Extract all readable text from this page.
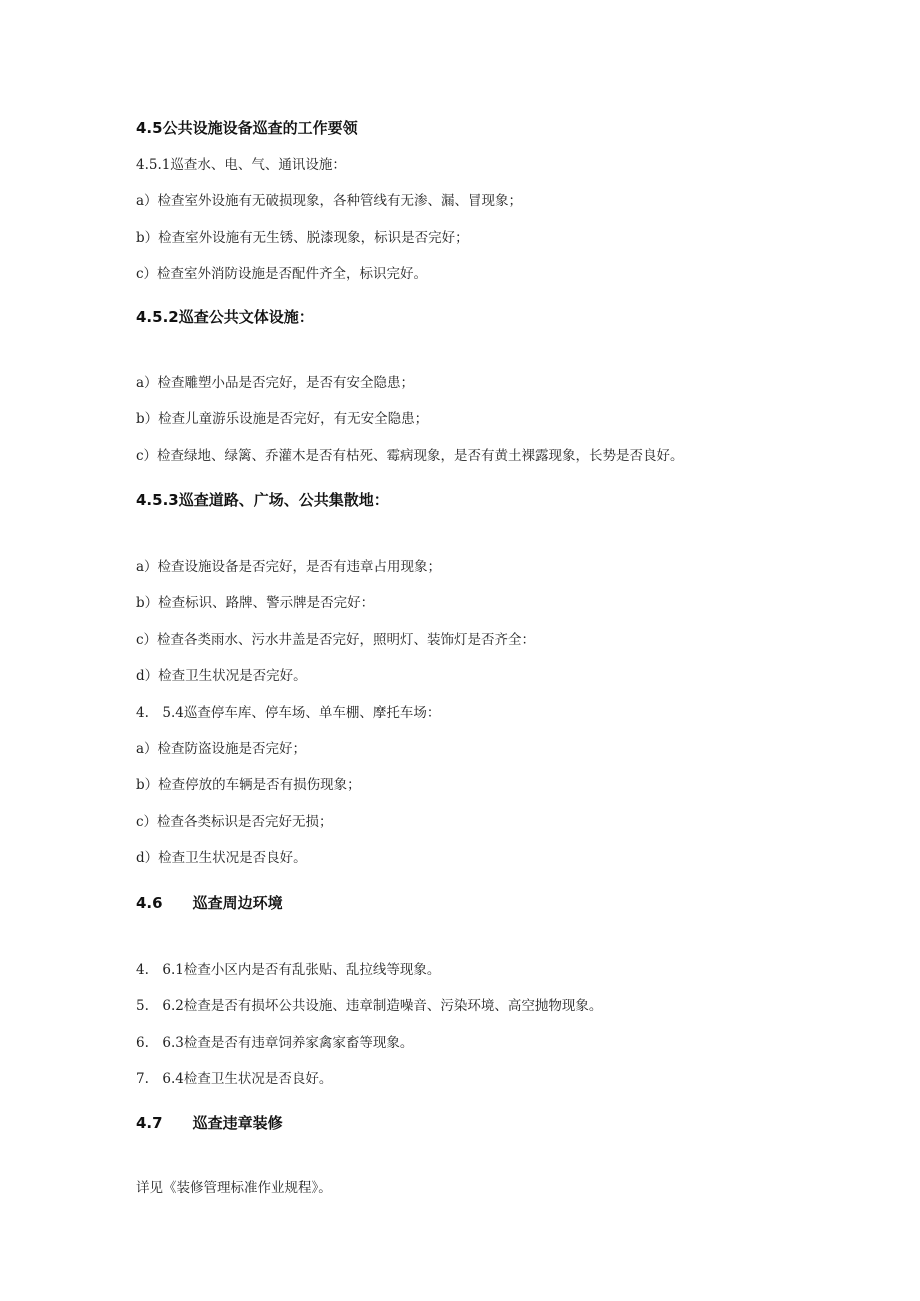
4.5公共设施设备巡查的工作要领
4.5.1巡查水、电、气、通讯设施：
a）检查室外设施有无破损现象，各种管线有无渗、漏、冒现象；
b）检查室外设施有无生锈、脱漆现象，标识是否完好；
c）检查室外消防设施是否配件齐全，标识完好。
4.5.2巡查公共文体设施：
a）检查雕塑小品是否完好，是否有安全隐患；
b）检查儿童游乐设施是否完好，有无安全隐患；
c）检查绿地、绿篱、乔灌木是否有枯死、霉病现象，是否有黄土裸露现象，长势是否良好。
4.5.3巡查道路、广场、公共集散地：
a）检查设施设备是否完好，是否有违章占用现象；
b）检查标识、路牌、警示牌是否完好：
c）检查各类雨水、污水井盖是否完好，照明灯、装饰灯是否齐全：
d）检查卫生状况是否完好。
4.　5.4巡查停车库、停车场、单车棚、摩托车场：
a）检查防盗设施是否完好；
b）检查停放的车辆是否有损伤现象；
c）检查各类标识是否完好无损；
d）检查卫生状况是否良好。
4.6　　巡查周边环境
4.　6.1检查小区内是否有乱张贴、乱拉线等现象。
5.　6.2检查是否有损坏公共设施、违章制造噪音、污染环境、高空抛物现象。
6.　6.3检查是否有违章饲养家禽家畜等现象。
7.　6.4检查卫生状况是否良好。
4.7　　巡查违章装修
详见《装修管理标准作业规程》。
